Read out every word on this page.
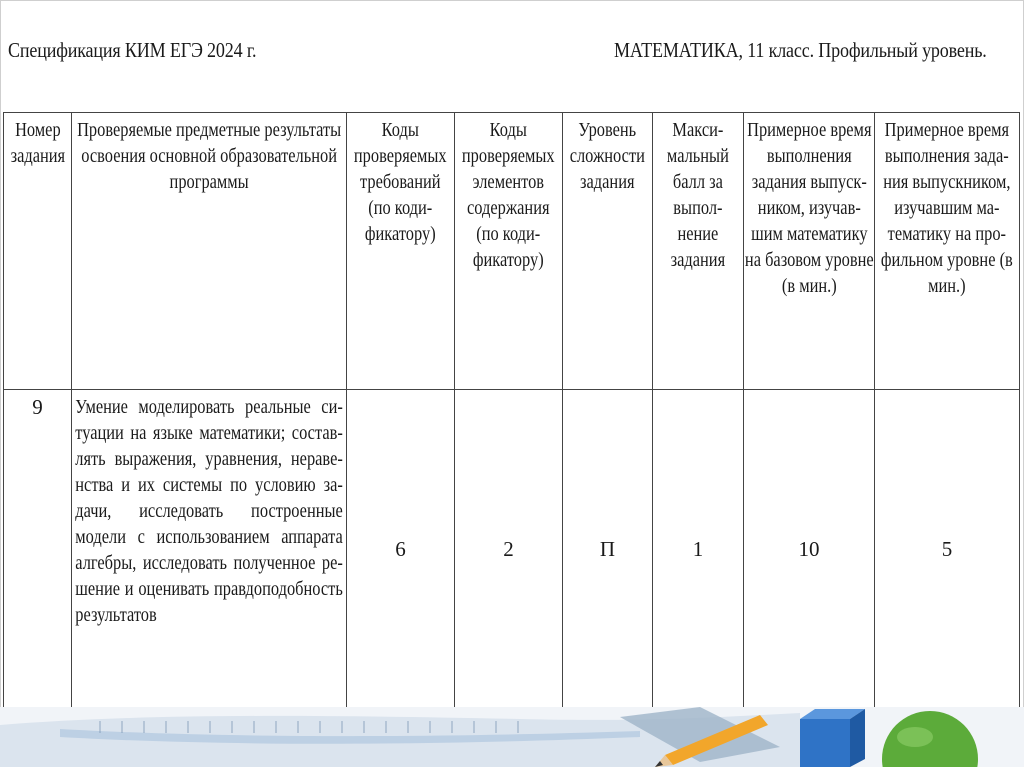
Спецификация КИМ ЕГЭ 2024 г.	МАТЕМАТИКА, 11 класс. Профильный уровень.
Номер задания	Проверяемые предметные результаты освоения основной образовательной программы	Коды проверяемых требований (по коди-фикатору)	Коды проверяемых элементов содержания (по коди-фикатору)	Уровень сложности задания	Макси-мальный балл за выпол-нение задания	Примерное время выполнения задания выпуск-ником, изучав-шим математику на базовом уровне (в мин.)	Примерное время выполнения зада-ния выпускником, изучавшим ма-тематику на про-фильном уровне (в мин.)

9	Умение моделировать реальные си-туации на языке математики; состав-лять выражения, уравнения, нераве-нства и их системы по условию за-дачи, исследовать построенные модели с использованием аппарата алгебры, исследовать полученное ре-шение и оценивать правдоподобность результатов	6	2	П	1	10	5
